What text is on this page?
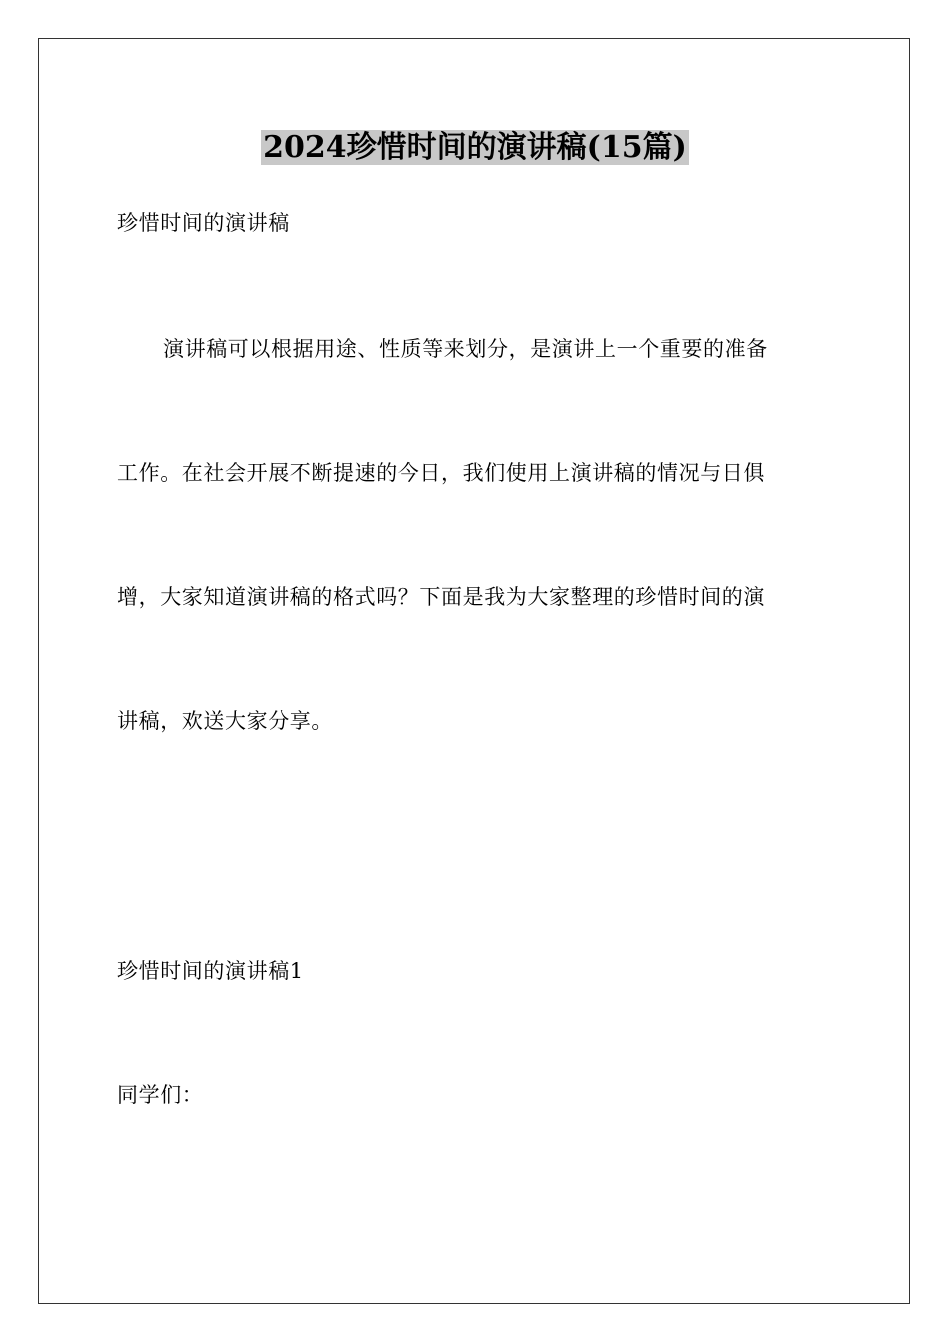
2024珍惜时间的演讲稿(15篇)

珍惜时间的演讲稿

演讲稿可以根据用途、性质等来划分，是演讲上一个重要的准备

工作。在社会开展不断提速的今日，我们使用上演讲稿的情况与日俱

增，大家知道演讲稿的格式吗？下面是我为大家整理的珍惜时间的演

讲稿，欢送大家分享。

珍惜时间的演讲稿1

同学们：
